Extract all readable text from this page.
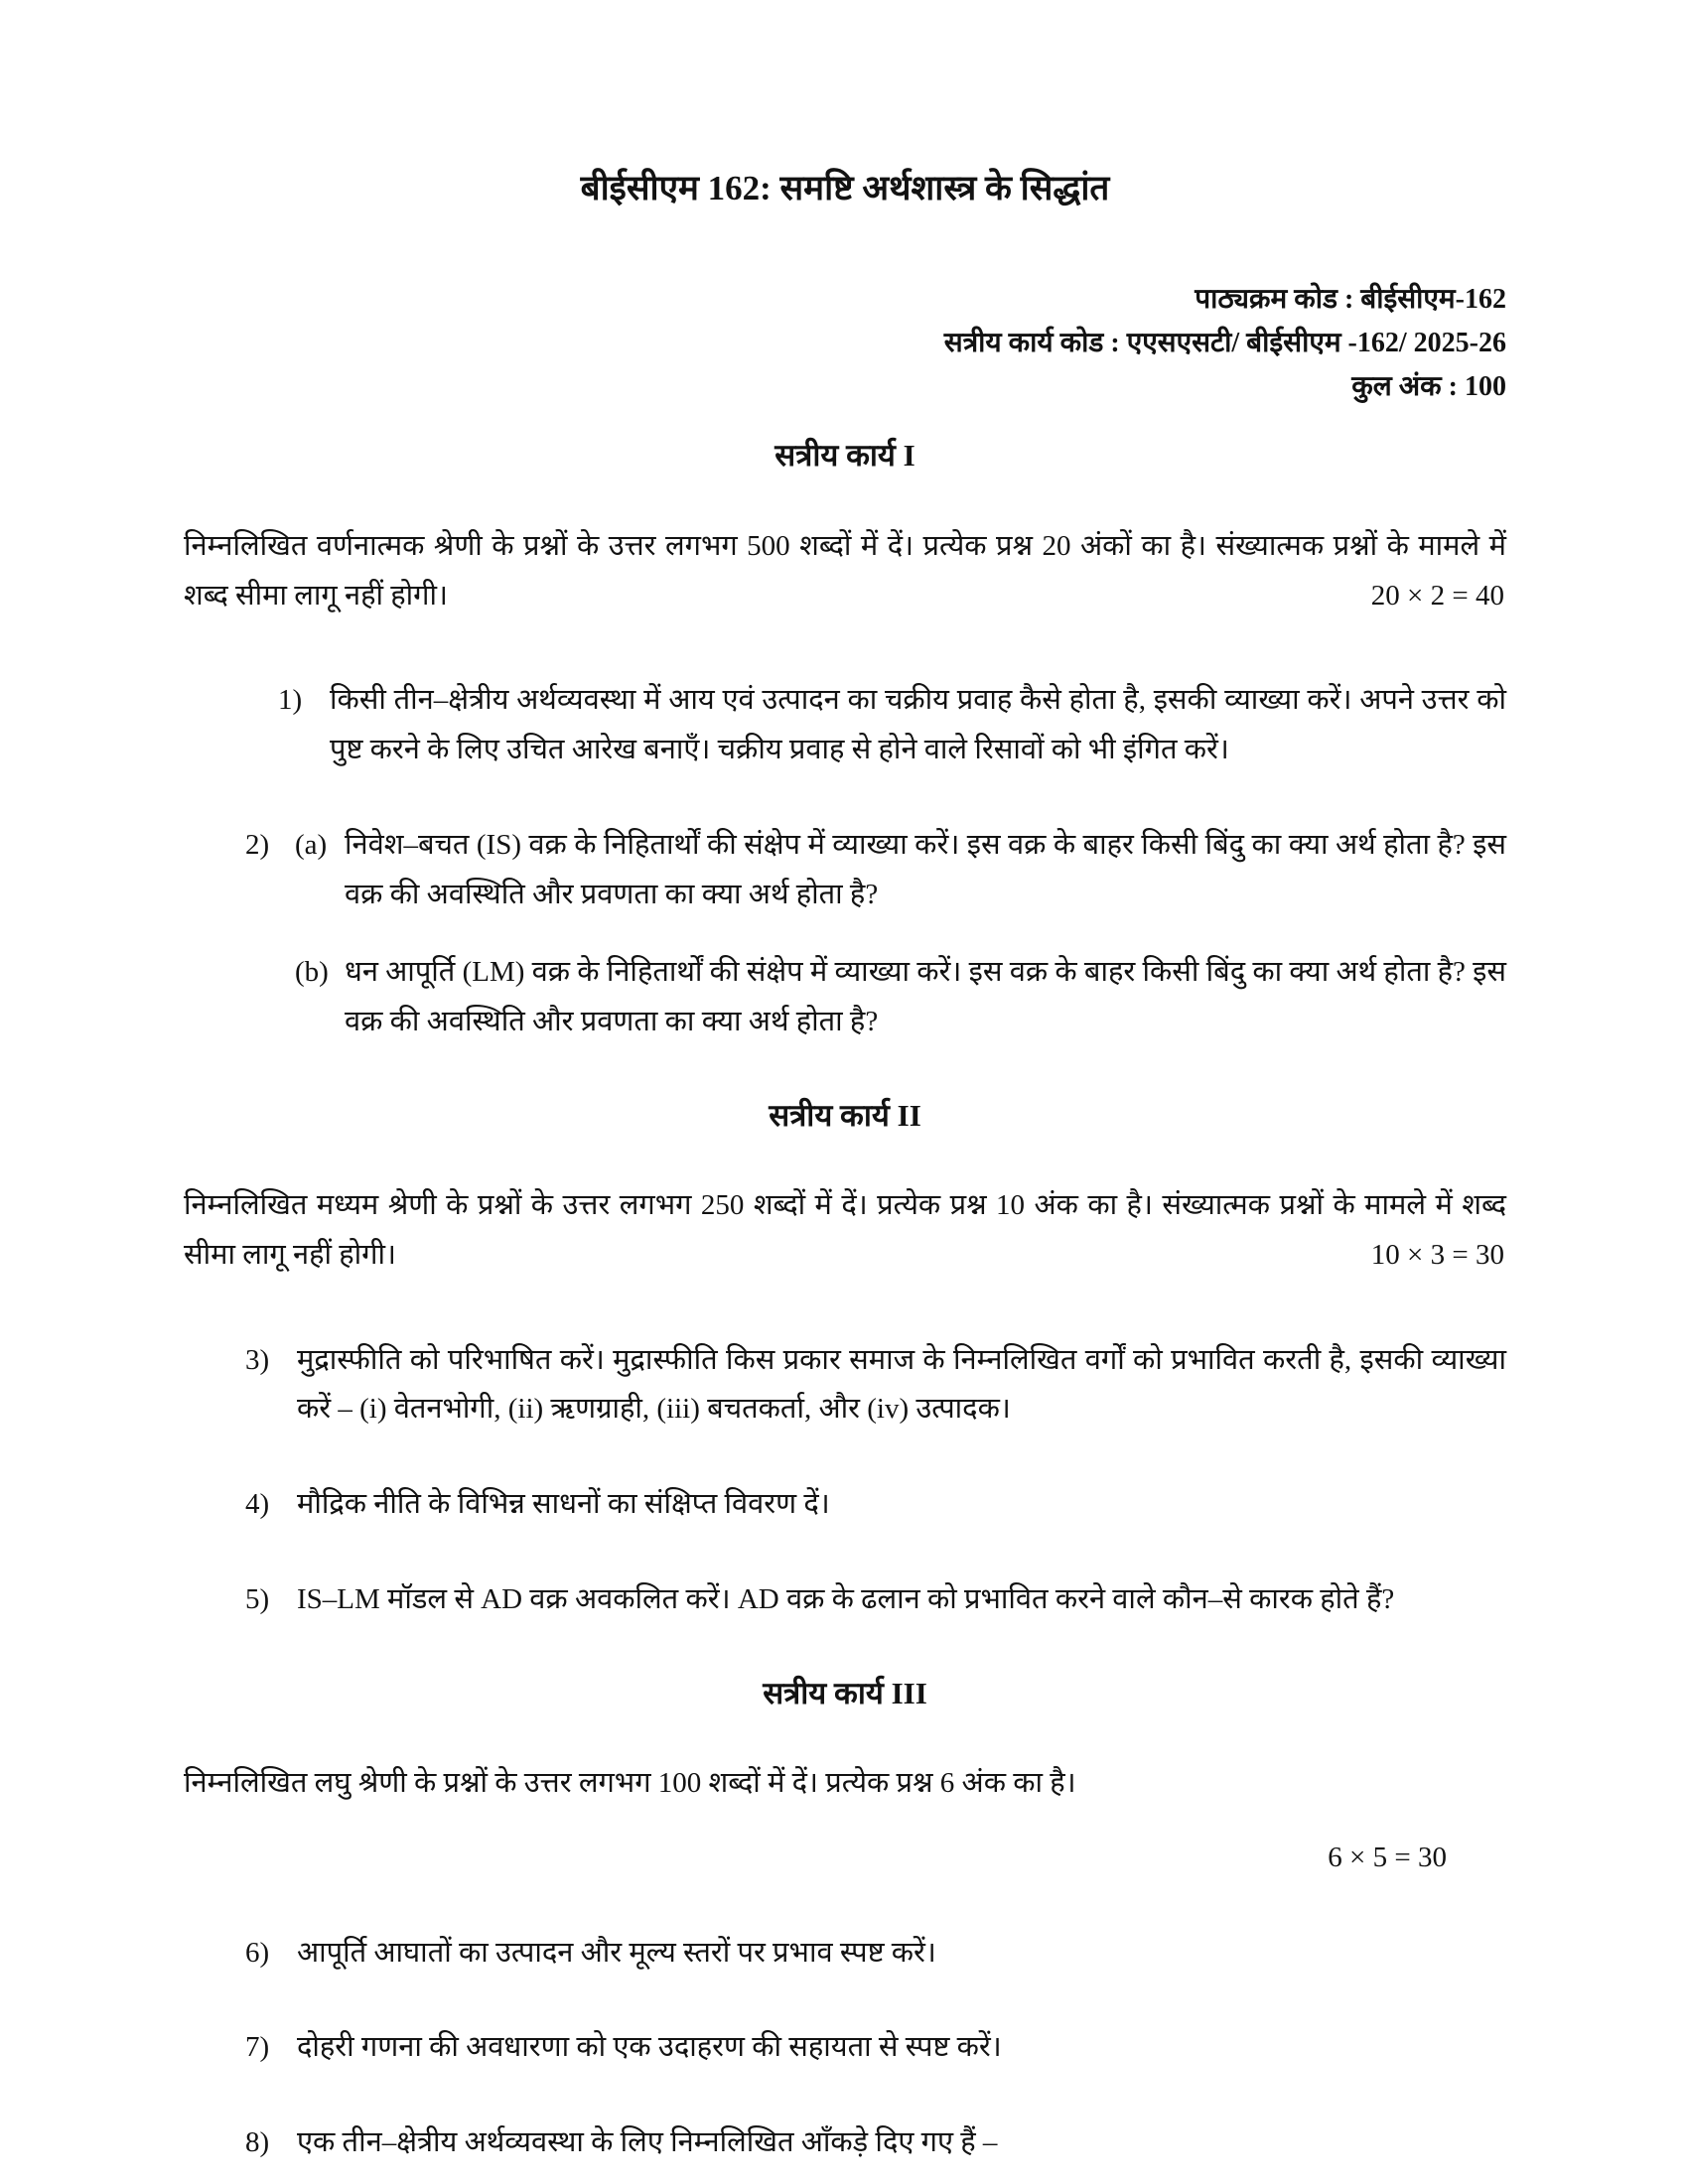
बीईसीएम 162: समष्टि अर्थशास्त्र के सिद्धांत
पाठ्यक्रम कोड : बीईसीएम-162
सत्रीय कार्य कोड : एएसएसटी/ बीईसीएम -162/ 2025-26
कुल अंक : 100
सत्रीय कार्य I

निम्नलिखित वर्णनात्मक श्रेणी के प्रश्नों के उत्तर लगभग 500 शब्दों में दें। प्रत्येक प्रश्न 20 अंकों का है। संख्यात्मक प्रश्नों के मामले में शब्द सीमा लागू नहीं होगी।	20 × 2 = 40

1) किसी तीन–क्षेत्रीय अर्थव्यवस्था में आय एवं उत्पादन का चक्रीय प्रवाह कैसे होता है, इसकी व्याख्या करें। अपने उत्तर को पुष्ट करने के लिए उचित आरेख बनाएँ। चक्रीय प्रवाह से होने वाले रिसावों को भी इंगित करें।

2) (a) निवेश–बचत (IS) वक्र के निहितार्थों की संक्षेप में व्याख्या करें। इस वक्र के बाहर किसी बिंदु का क्या अर्थ होता है? इस वक्र की अवस्थिति और प्रवणता का क्या अर्थ होता है?

(b) धन आपूर्ति (LM) वक्र के निहितार्थों की संक्षेप में व्याख्या करें। इस वक्र के बाहर किसी बिंदु का क्या अर्थ होता है? इस वक्र की अवस्थिति और प्रवणता का क्या अर्थ होता है?

सत्रीय कार्य II

निम्नलिखित मध्यम श्रेणी के प्रश्नों के उत्तर लगभग 250 शब्दों में दें। प्रत्येक प्रश्न 10 अंक का है। संख्यात्मक प्रश्नों के मामले में शब्द सीमा लागू नहीं होगी।	10 × 3 = 30

3) मुद्रास्फीति को परिभाषित करें। मुद्रास्फीति किस प्रकार समाज के निम्नलिखित वर्गों को प्रभावित करती है, इसकी व्याख्या करें – (i) वेतनभोगी, (ii) ऋणग्राही, (iii) बचतकर्ता, और (iv) उत्पादक।

4) मौद्रिक नीति के विभिन्न साधनों का संक्षिप्त विवरण दें।

5) IS–LM मॉडल से AD वक्र अवकलित करें। AD वक्र के ढलान को प्रभावित करने वाले कौन–से कारक होते हैं?

सत्रीय कार्य III

निम्नलिखित लघु श्रेणी के प्रश्नों के उत्तर लगभग 100 शब्दों में दें। प्रत्येक प्रश्न 6 अंक का है।

6 × 5 = 30
6) आपूर्ति आघातों का उत्पादन और मूल्य स्तरों पर प्रभाव स्पष्ट करें।

7) दोहरी गणना की अवधारणा को एक उदाहरण की सहायता से स्पष्ट करें।

8) एक तीन–क्षेत्रीय अर्थव्यवस्था के लिए निम्नलिखित आँकड़े दिए गए हैं –
